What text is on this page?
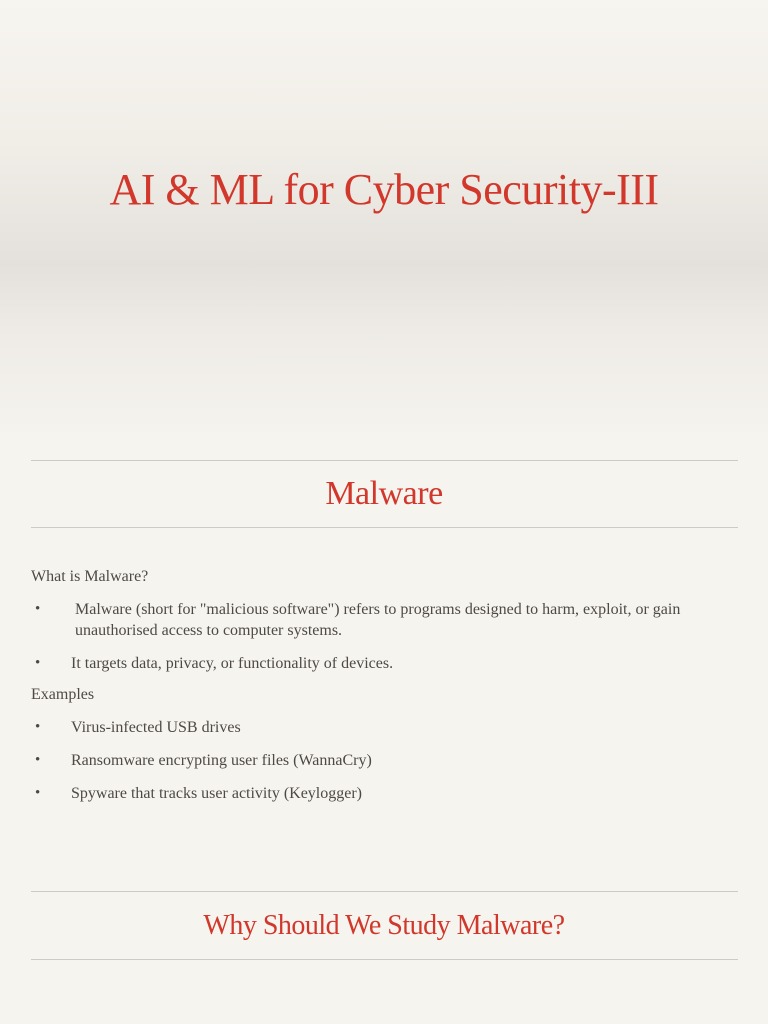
AI & ML for Cyber Security-III
Malware
What is Malware?
• Malware (short for "malicious software") refers to programs designed to harm, exploit, or gain unauthorised access to computer systems.
• It targets data, privacy, or functionality of devices.
Examples
• Virus-infected USB drives
• Ransomware encrypting user files (WannaCry)
• Spyware that tracks user activity (Keylogger)
Why Should We Study Malware?
